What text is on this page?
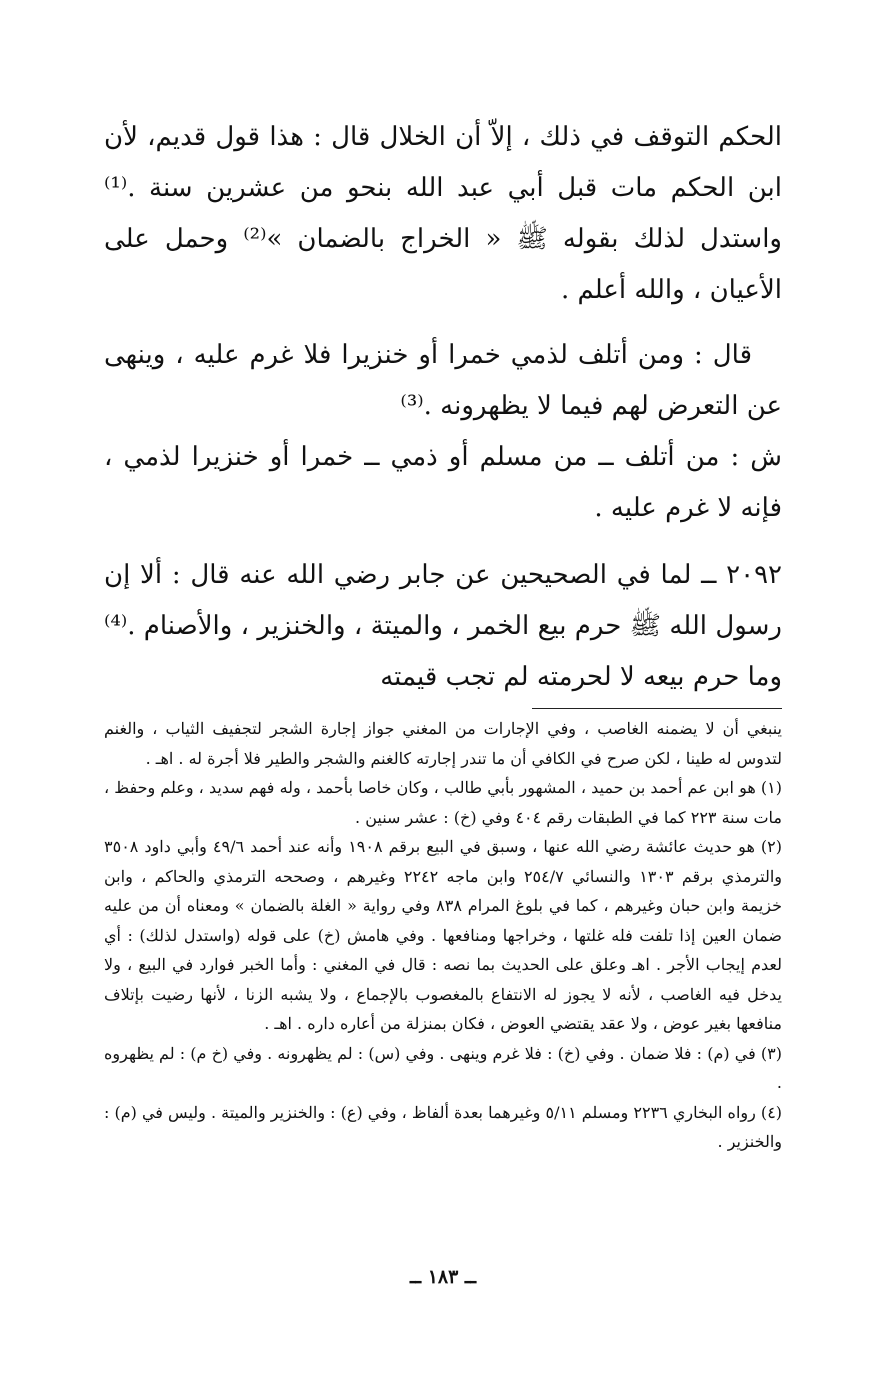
الحكم التوقف في ذلك ، إلاّ أن الخلال قال : هذا قول قديم، لأن ابن الحكم مات قبل أبي عبد الله بنحو من عشرين سنة .⁽¹⁾ واستدل لذلك بقوله ﷺ « الخراج بالضمان »⁽²⁾ وحمل على الأعيان ، والله أعلم .

قال : ومن أتلف لذمي خمرا أو خنزيرا فلا غرم عليه ، وينهى عن التعرض لهم فيما لا يظهرونه .⁽³⁾

ش : من أتلف ــ من مسلم أو ذمي ــ خمرا أو خنزيرا لذمي ، فإنه لا غرم عليه .

٢٠٩٢ ــ لما في الصحيحين عن جابر رضي الله عنه قال : ألا إن رسول الله ﷺ حرم بيع الخمر ، والميتة ، والخنزير ، والأصنام .⁽⁴⁾ وما حرم بيعه لا لحرمته لم تجب قيمته

ينبغي أن لا يضمنه الغاصب ، وفي الإجارات من المغني جواز إجارة الشجر لتجفيف الثياب ، والغنم لتدوس له طينا ، لكن صرح في الكافي أن ما تندر إجارته كالغنم والشجر والطير فلا أجرة له . اهـ .

(١) هو ابن عم أحمد بن حميد ، المشهور بأبي طالب ، وكان خاصا بأحمد ، وله فهم سديد ، وعلم وحفظ ، مات سنة ٢٢٣ كما في الطبقات رقم ٤٠٤ وفي (خ) : عشر سنين .

(٢) هو حديث عائشة رضي الله عنها ، وسبق في البيع برقم ١٩٠٨ وأنه عند أحمد ٤٩/٦ وأبي داود ٣٥٠٨ والترمذي برقم ١٣٠٣ والنسائي ٢٥٤/٧ وابن ماجه ٢٢٤٢ وغيرهم ، وصححه الترمذي والحاكم ، وابن خزيمة وابن حبان وغيرهم ، كما في بلوغ المرام ٨٣٨ وفي رواية « الغلة بالضمان » ومعناه أن من عليه ضمان العين إذا تلفت فله غلتها ، وخراجها ومنافعها . وفي هامش (خ) على قوله (واستدل لذلك) : أي لعدم إيجاب الأجر . اهـ وعلق على الحديث بما نصه : قال في المغني : وأما الخبر فوارد في البيع ، ولا يدخل فيه الغاصب ، لأنه لا يجوز له الانتفاع بالمغصوب بالإجماع ، ولا يشبه الزنا ، لأنها رضيت بإتلاف منافعها بغير عوض ، ولا عقد يقتضي العوض ، فكان بمنزلة من أعاره داره . اهـ .

(٣) في (م) : فلا ضمان . وفي (خ) : فلا غرم وينهى . وفي (س) : لم يظهرونه . وفي (خ م) : لم يظهروه .

(٤) رواه البخاري ٢٢٣٦ ومسلم ٥/١١ وغيرهما بعدة ألفاظ ، وفي (ع) : والخنزير والميتة . وليس في (م) : والخنزير .

ــ ١٨٣ ــ
